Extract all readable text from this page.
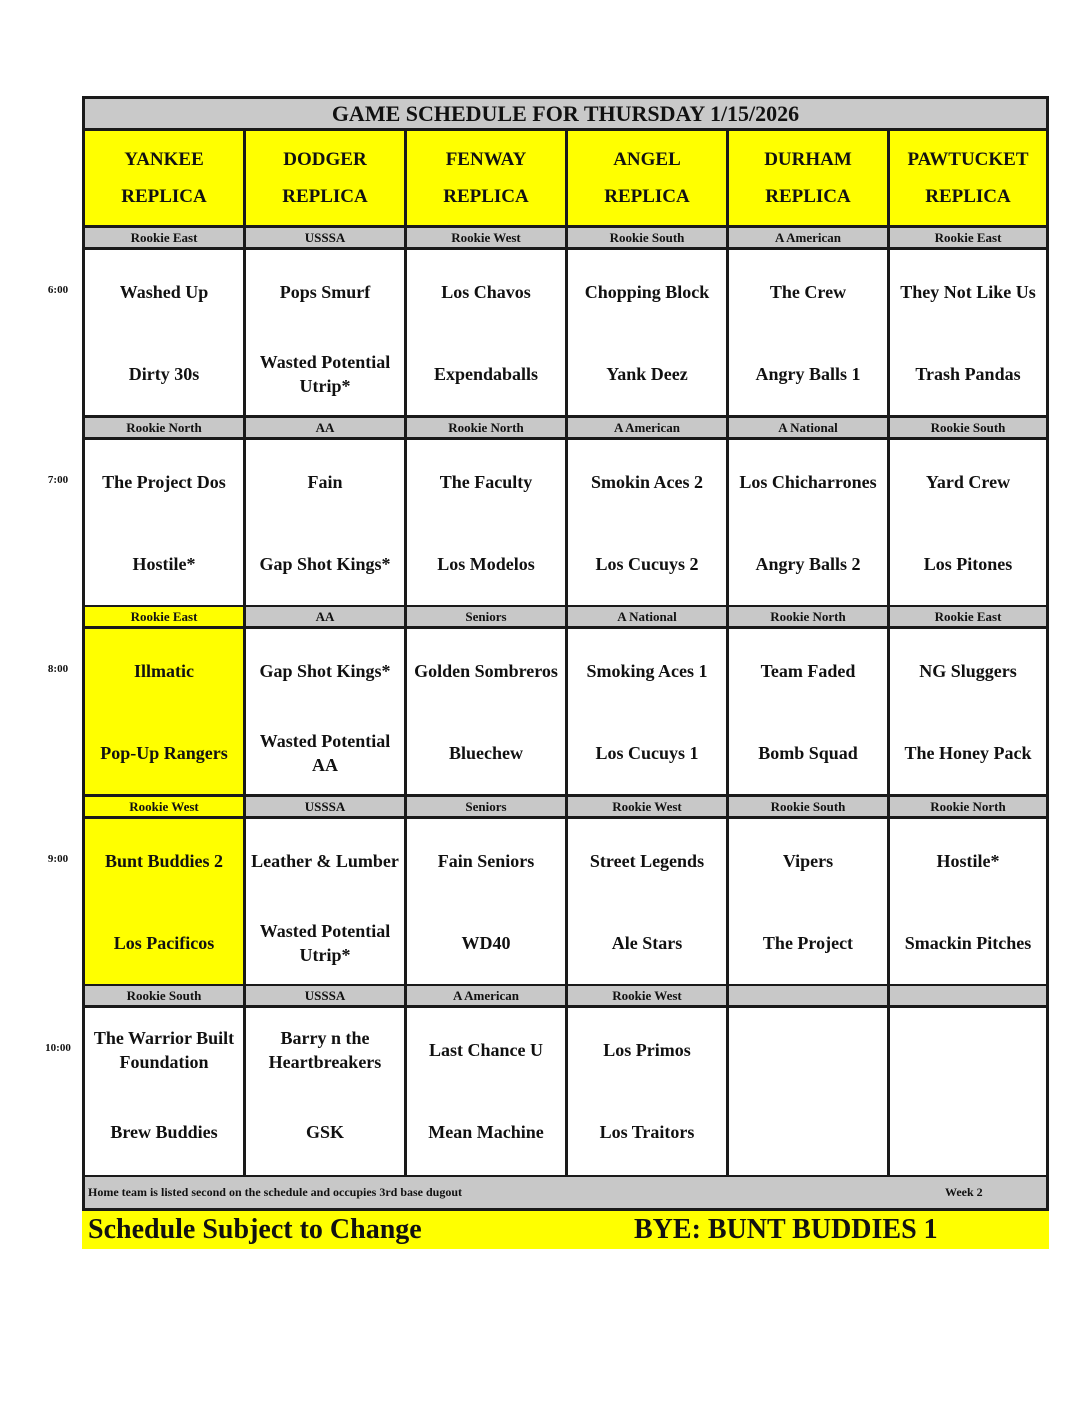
GAME SCHEDULE FOR THURSDAY 1/15/2026
YANKEE
REPLICA
DODGER
REPLICA
FENWAY
REPLICA
ANGEL
REPLICA
DURHAM
REPLICA
PAWTUCKET
REPLICA
Rookie East
Washed Up
Dirty 30s
USSSA
Pops Smurf
Wasted Potential Utrip*
Rookie West
Los Chavos
Expendaballs
Rookie South
Chopping Block
Yank Deez
A American
The Crew
Angry Balls 1
Rookie East
They Not Like Us
Trash Pandas
Rookie North
The Project Dos
Hostile*
AA
Fain
Gap Shot Kings*
Rookie North
The Faculty
Los Modelos
A American
Smokin Aces 2
Los Cucuys 2
A National
Los Chicharrones
Angry Balls 2
Rookie South
Yard Crew
Los Pitones
Rookie East
Illmatic
Pop-Up Rangers
AA
Gap Shot Kings*
Wasted Potential AA
Seniors
Golden Sombreros
Bluechew
A National
Smoking Aces 1
Los Cucuys 1
Rookie North
Team Faded
Bomb Squad
Rookie East
NG Sluggers
The Honey Pack
Rookie West
Bunt Buddies 2
Los Pacificos
USSSA
Leather & Lumber
Wasted Potential Utrip*
Seniors
Fain Seniors
WD40
Rookie West
Street Legends
Ale Stars
Rookie South
Vipers
The Project
Rookie North
Hostile*
Smackin Pitches
Rookie South
The Warrior Built Foundation
Brew Buddies
USSSA
Barry n the Heartbreakers
GSK
A American
Last Chance U
Mean Machine
Rookie West
Los Primos
Los Traitors
Home team is listed second on the schedule and occupies 3rd base dugout	Week 2
6:00
7:00
8:00
9:00
10:00
Schedule Subject to Change	BYE: BUNT BUDDIES 1
